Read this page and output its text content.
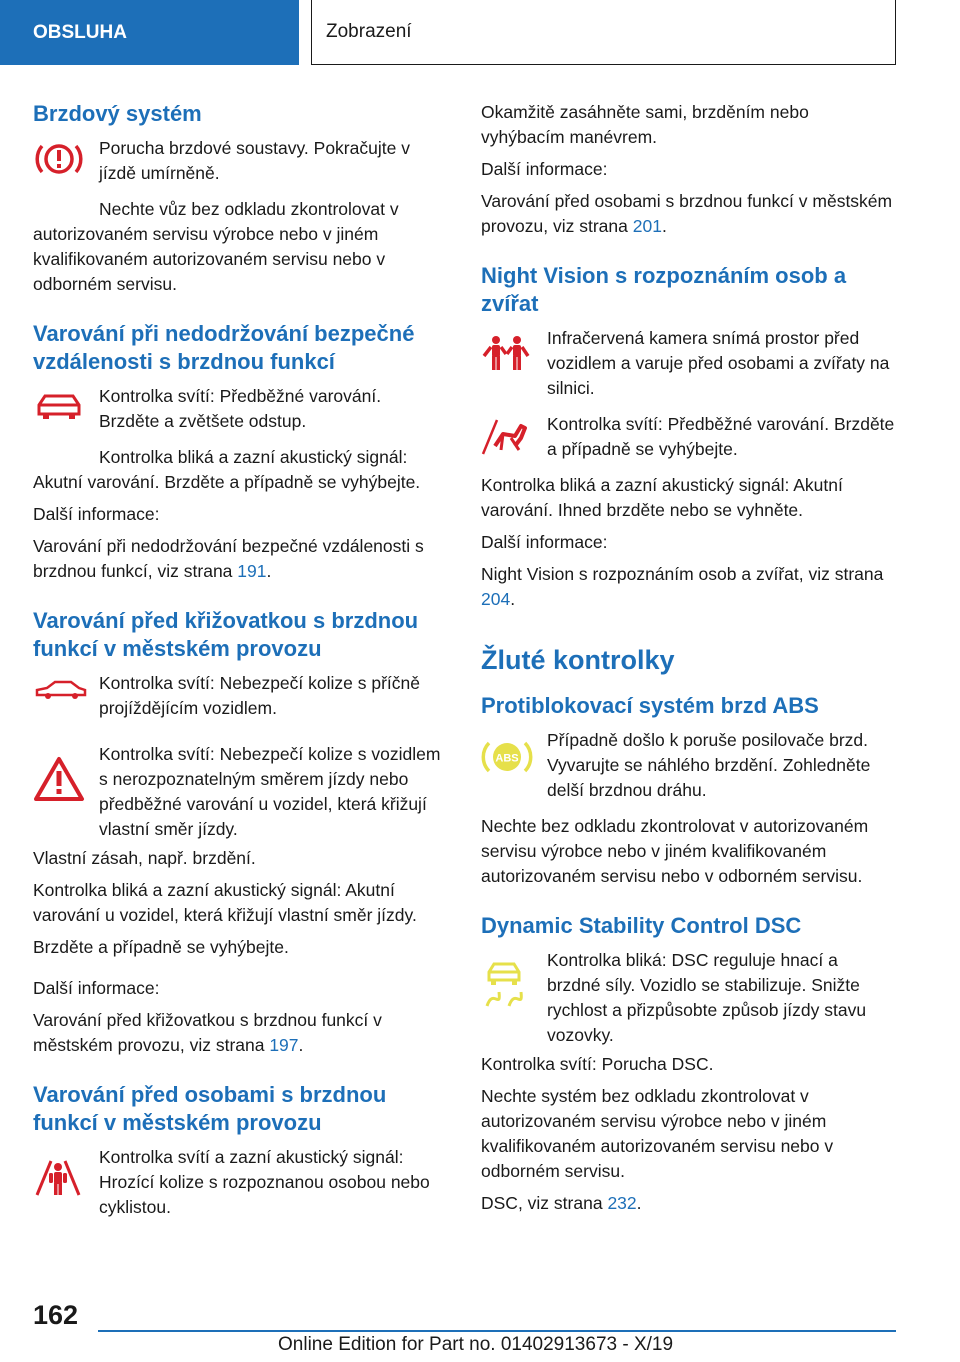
OBSLUHA	Zobrazení
Brzdový systém

Porucha brzdové soustavy. Pokračujte v jízdě umírněně.

Nechte vůz bez odkladu zkontrolovat v autorizovaném servisu výrobce nebo v jiném kvalifikovaném autorizovaném servisu nebo v odborném servisu.

Varování při nedodržování bezpečné vzdálenosti s brzdnou funkcí

Kontrolka svítí: Předběžné varování. Brzděte a zvětšete odstup.

Kontrolka bliká a zazní akustický signál: Akutní varování. Brzděte a případně se vyhýbejte.

Další informace:

Varování při nedodržování bezpečné vzdálenosti s brzdnou funkcí, viz strana 191.

Varování před křižovatkou s brzdnou funkcí v městském provozu

Kontrolka svítí: Nebezpečí kolize s příčně projíždějícím vozidlem.

Kontrolka svítí: Nebezpečí kolize s vozidlem s nerozpoznatelným směrem jízdy nebo předběžné varování u vozidel, která křižují vlastní směr jízdy.

Vlastní zásah, např. brzdění.

Kontrolka bliká a zazní akustický signál: Akutní varování u vozidel, která křižují vlastní směr jízdy.

Brzděte a případně se vyhýbejte.

Další informace:

Varování před křižovatkou s brzdnou funkcí v městském provozu, viz strana 197.

Varování před osobami s brzdnou funkcí v městském provozu

Kontrolka svítí a zazní akustický signál: Hrozící kolize s rozpoznanou osobou nebo cyklistou.

Okamžitě zasáhněte sami, brzděním nebo vyhýbacím manévrem.

Další informace:

Varování před osobami s brzdnou funkcí v městském provozu, viz strana 201.

Night Vision s rozpoznáním osob a zvířat

Infračervená kamera snímá prostor před vozidlem a varuje před osobami a zvířaty na silnici.

Kontrolka svítí: Předběžné varování. Brzděte a případně se vyhýbejte.

Kontrolka bliká a zazní akustický signál: Akutní varování. Ihned brzděte nebo se vyhněte.

Další informace:

Night Vision s rozpoznáním osob a zvířat, viz strana 204.

Žluté kontrolky
Protiblokovací systém brzd ABS
ABS

Případně došlo k poruše posilovače brzd. Vyvarujte se náhlého brzdění. Zohledněte delší brzdnou dráhu.

Nechte bez odkladu zkontrolovat v autorizovaném servisu výrobce nebo v jiném kvalifikovaném autorizovaném servisu nebo v odborném servisu.

Dynamic Stability Control DSC

Kontrolka bliká: DSC reguluje hnací a brzdné síly. Vozidlo se stabilizuje. Snižte rychlost a přizpůsobte způsob jízdy stavu vozovky.

Kontrolka svítí: Porucha DSC.

Nechte systém bez odkladu zkontrolovat v autorizovaném servisu výrobce nebo v jiném kvalifikovaném autorizovaném servisu nebo v odborném servisu.

DSC, viz strana 232.

162
Online Edition for Part no. 01402913673 - X/19
